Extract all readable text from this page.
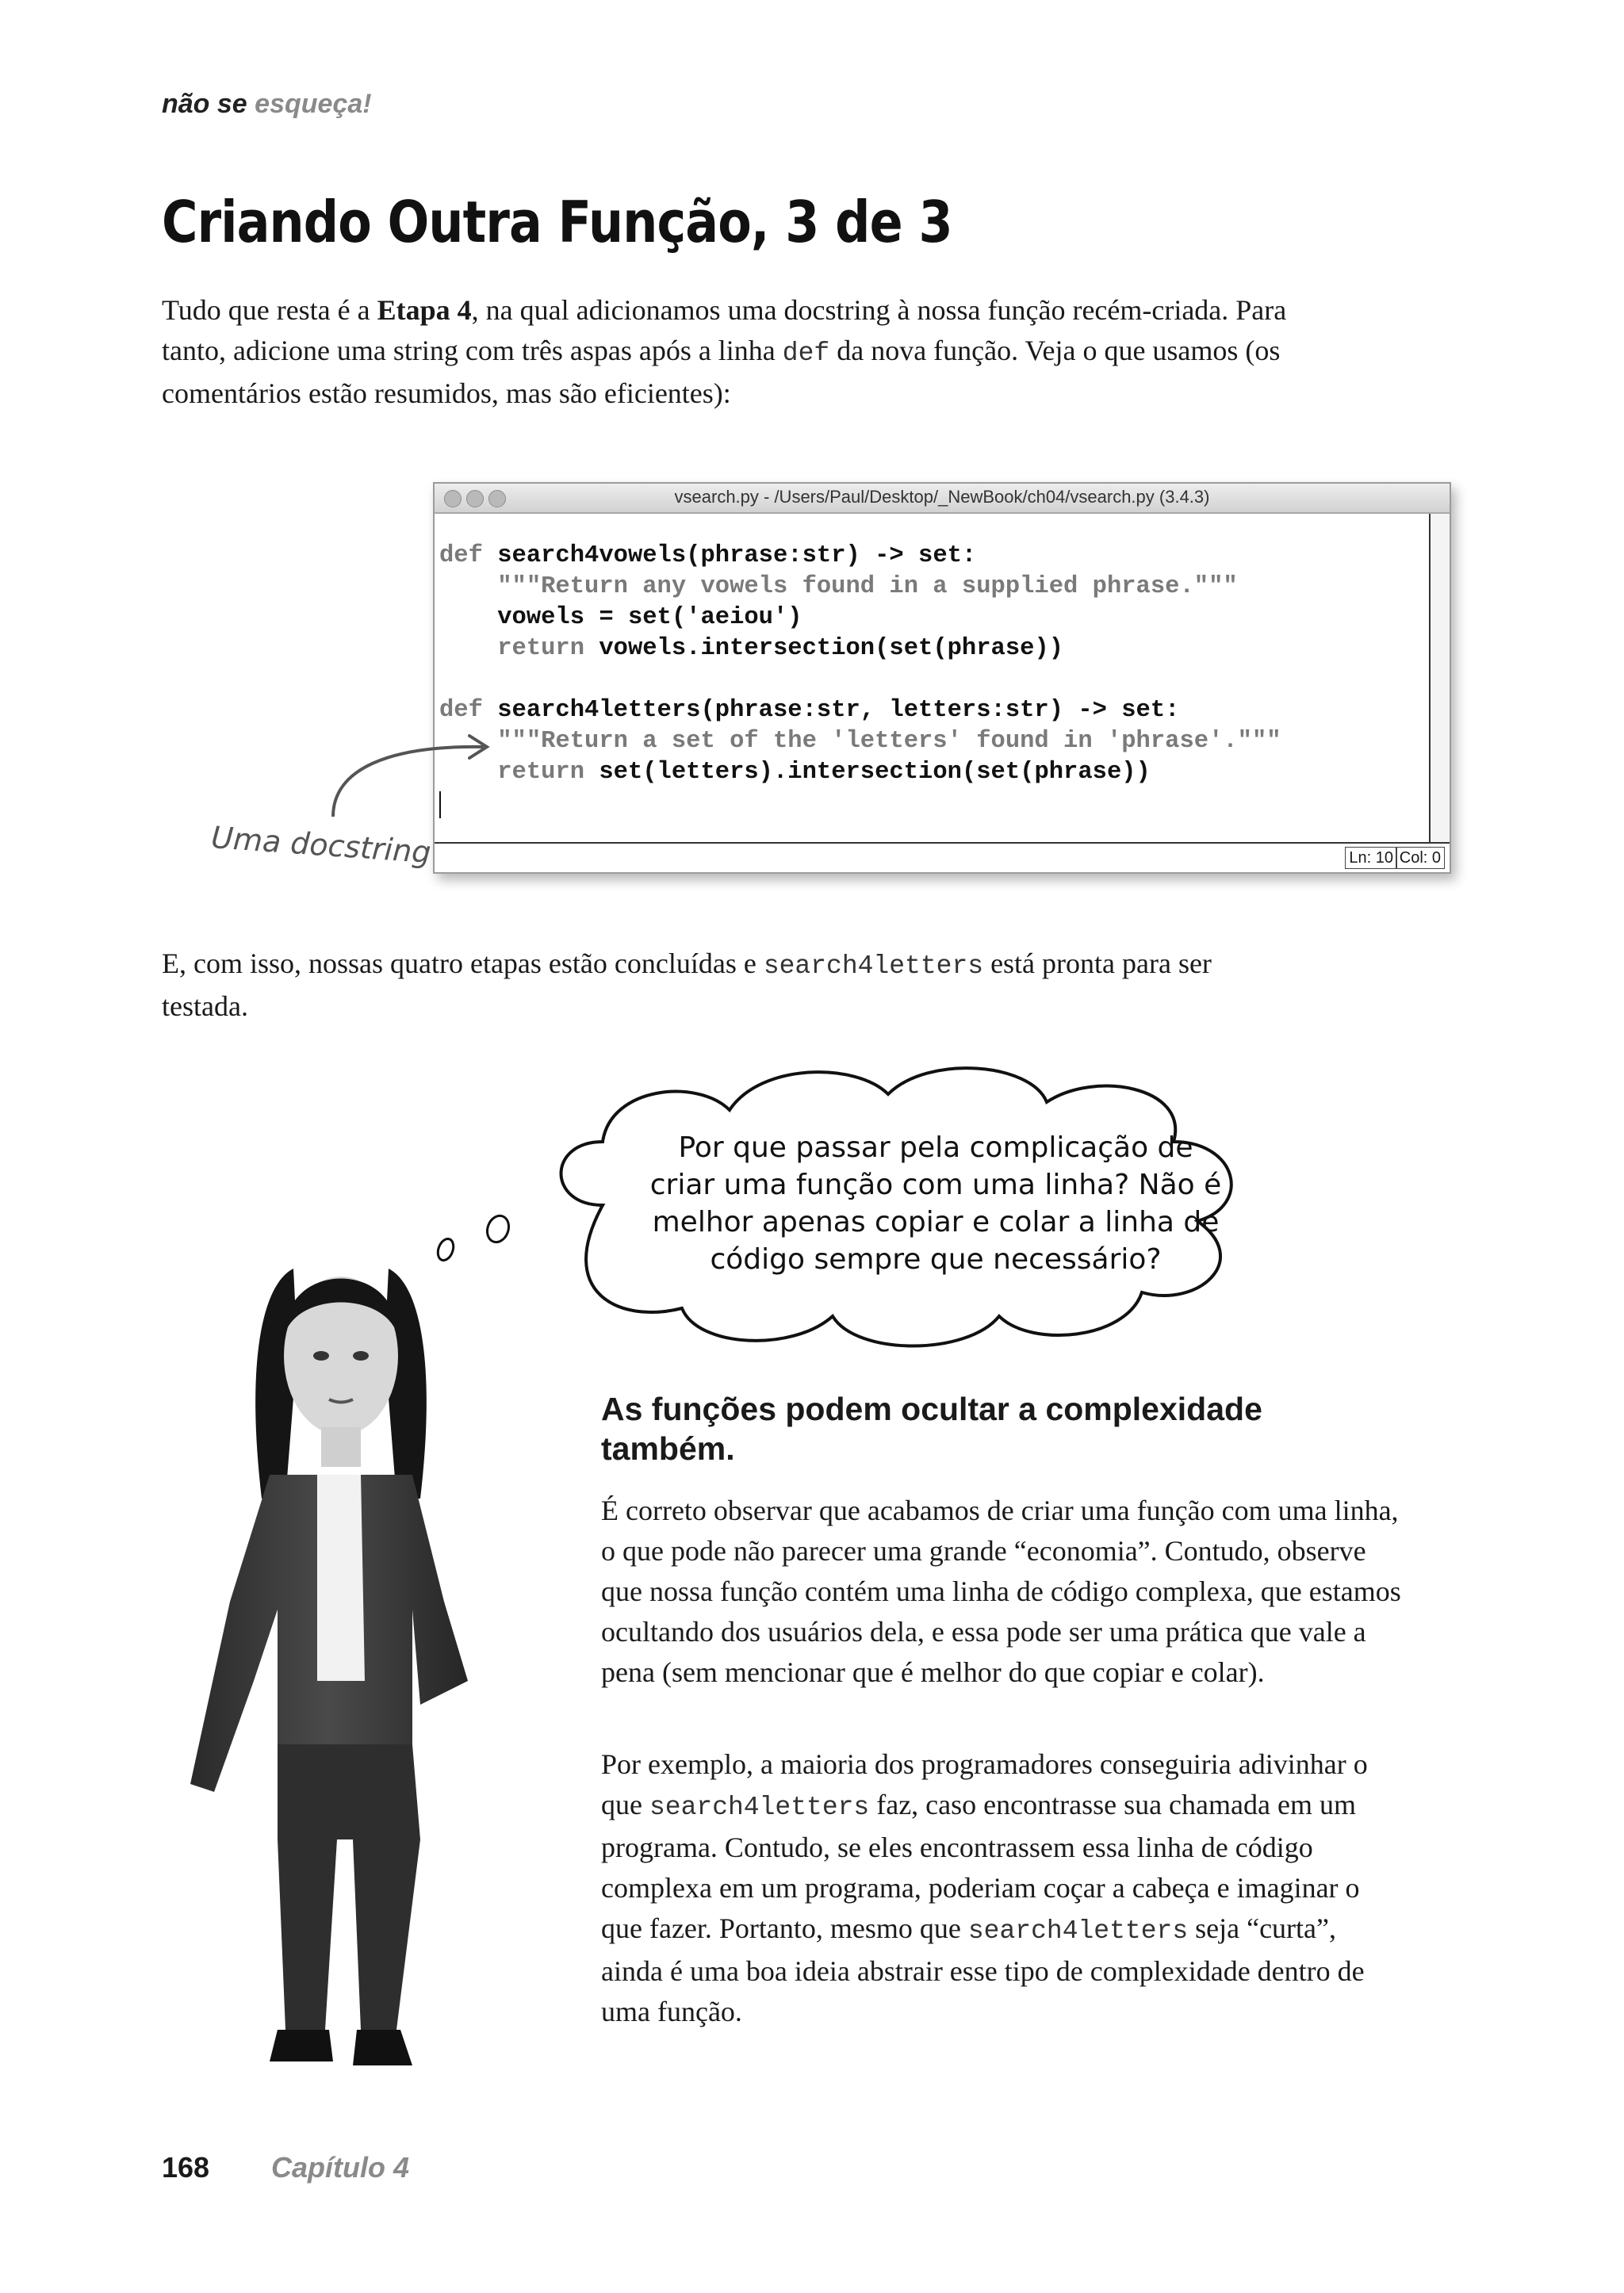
não se esqueça!
Criando Outra Função, 3 de 3

Tudo que resta é a Etapa 4, na qual adicionamos uma docstring à nossa função recém-criada. Para tanto, adicione uma string com três aspas após a linha def da nova função. Veja o que usamos (os comentários estão resumidos, mas são eficientes):

vsearch.py - /Users/Paul/Desktop/_NewBook/ch04/vsearch.py (3.4.3)
def search4vowels(phrase:str) -> set:
"""Return any vowels found in a supplied phrase."""
vowels = set('aeiou')
return vowels.intersection(set(phrase))
def search4letters(phrase:str, letters:str) -> set:
"""Return a set of the 'letters' found in 'phrase'."""
return set(letters).intersection(set(phrase))
Ln: 10 Col: 0
Uma docstring

E, com isso, nossas quatro etapas estão concluídas e search4letters está pronta para ser testada.

Por que passar pela complicação de criar uma função com uma linha? Não é melhor apenas copiar e colar a linha de código sempre que necessário?
As funções podem ocultar a complexidade também.

É correto observar que acabamos de criar uma função com uma linha, o que pode não parecer uma grande “economia”. Contudo, observe que nossa função contém uma linha de código complexa, que estamos ocultando dos usuários dela, e essa pode ser uma prática que vale a pena (sem mencionar que é melhor do que copiar e colar).

Por exemplo, a maioria dos programadores conseguiria adivinhar o que search4letters faz, caso encontrasse sua chamada em um programa. Contudo, se eles encontrassem essa linha de código complexa em um programa, poderiam coçar a cabeça e imaginar o que fazer. Portanto, mesmo que search4letters seja “curta”, ainda é uma boa ideia abstrair esse tipo de complexidade dentro de uma função.

168 Capítulo 4
